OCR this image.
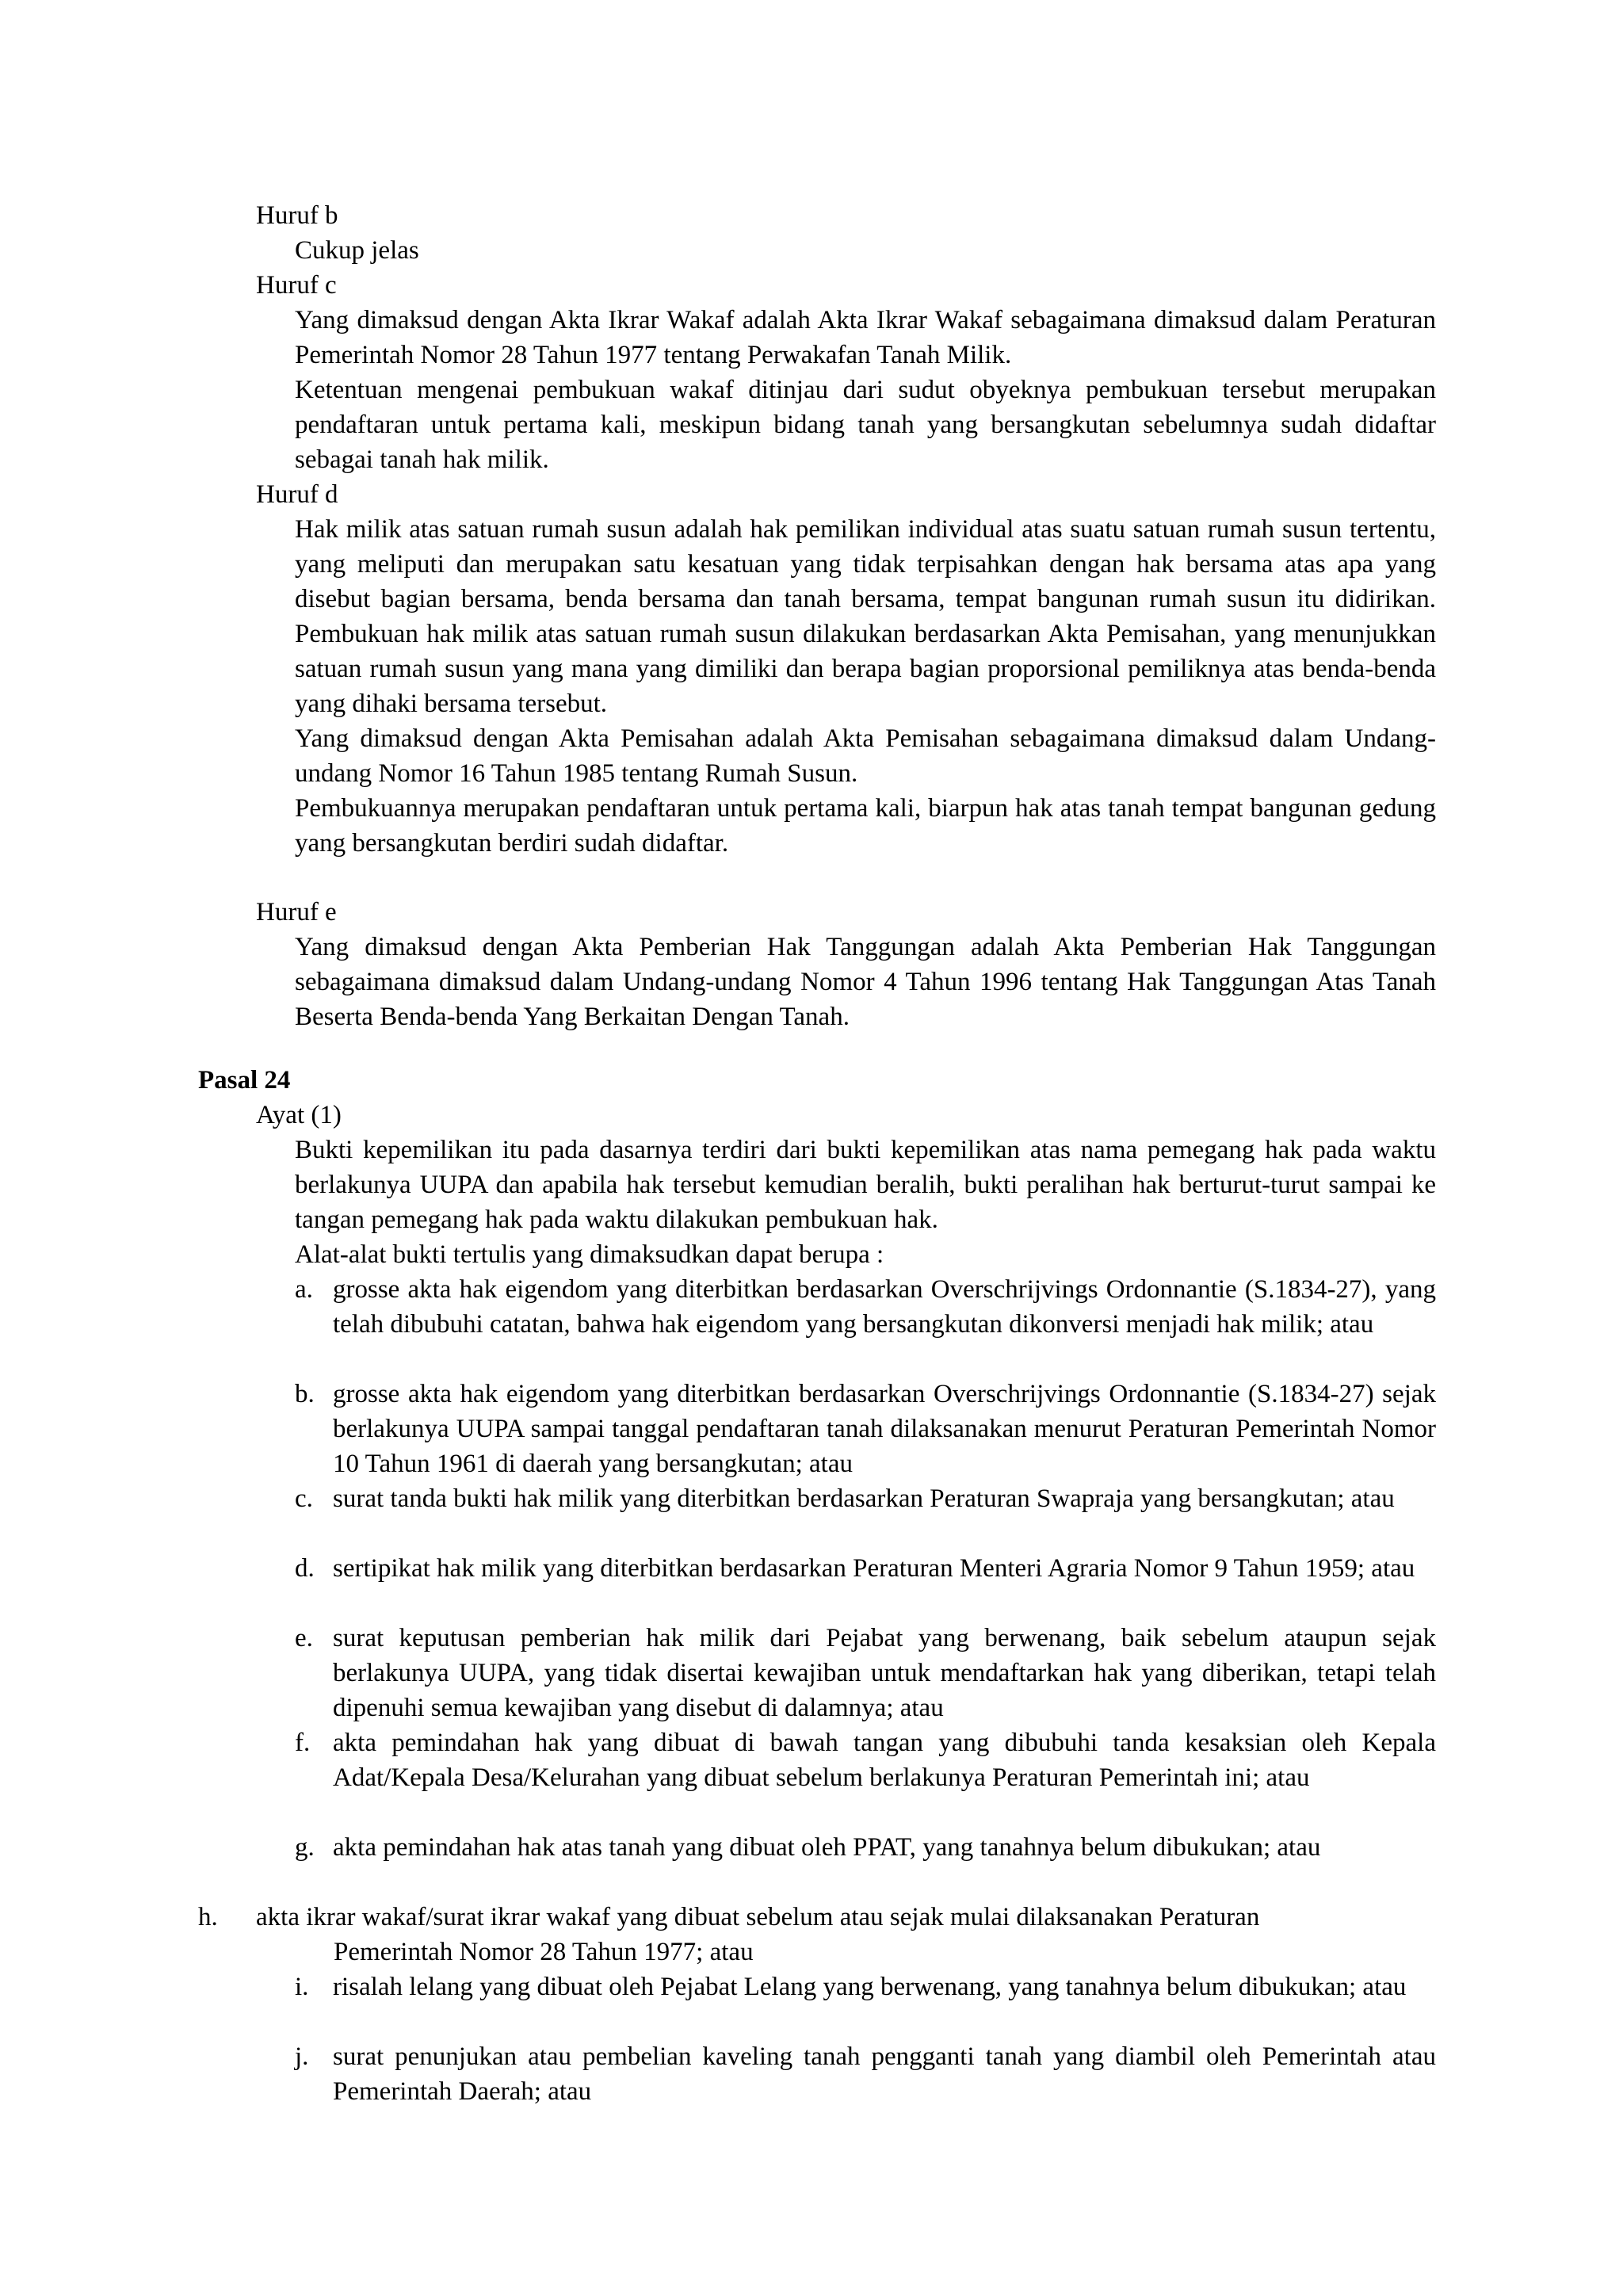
Huruf b

Cukup jelas

Huruf c

Yang dimaksud dengan Akta Ikrar Wakaf adalah Akta Ikrar Wakaf sebagaimana dimaksud dalam Peraturan Pemerintah Nomor 28 Tahun 1977 tentang Perwakafan Tanah Milik.

Ketentuan mengenai pembukuan wakaf ditinjau dari sudut obyeknya pembukuan tersebut merupakan pendaftaran untuk pertama kali, meskipun bidang tanah yang bersangkutan sebelumnya sudah didaftar sebagai tanah hak milik.

Huruf d

Hak milik atas satuan rumah susun adalah hak pemilikan individual atas suatu satuan rumah susun tertentu, yang meliputi dan merupakan satu kesatuan yang tidak terpisahkan dengan hak bersama atas apa yang disebut bagian bersama, benda bersama dan tanah bersama, tempat bangunan rumah susun itu didirikan. Pembukuan hak milik atas satuan rumah susun dilakukan berdasarkan Akta Pemisahan, yang menunjukkan satuan rumah susun yang mana yang dimiliki dan berapa bagian proporsional pemiliknya atas benda-benda yang dihaki bersama tersebut.

Yang dimaksud dengan Akta Pemisahan adalah Akta Pemisahan sebagaimana dimaksud dalam Undang-undang Nomor 16 Tahun 1985 tentang Rumah Susun.

Pembukuannya merupakan pendaftaran untuk pertama kali, biarpun hak atas tanah tempat bangunan gedung yang bersangkutan berdiri sudah didaftar.

Huruf e

Yang dimaksud dengan Akta Pemberian Hak Tanggungan adalah Akta Pemberian Hak Tanggungan sebagaimana dimaksud dalam Undang-undang Nomor 4 Tahun 1996 tentang Hak Tanggungan Atas Tanah Beserta Benda-benda Yang Berkaitan Dengan Tanah.

Pasal 24
Ayat (1)

Bukti kepemilikan itu pada dasarnya terdiri dari bukti kepemilikan atas nama pemegang hak pada waktu berlakunya UUPA dan apabila hak tersebut kemudian beralih, bukti peralihan hak berturut-turut sampai ke tangan pemegang hak pada waktu dilakukan pembukuan hak.

Alat-alat bukti tertulis yang dimaksudkan dapat berupa :

a. grosse akta hak eigendom yang diterbitkan berdasarkan Overschrijvings Ordonnantie (S.1834-27), yang telah dibubuhi catatan, bahwa hak eigendom yang bersangkutan dikonversi menjadi hak milik; atau
b. grosse akta hak eigendom yang diterbitkan berdasarkan Overschrijvings Ordonnantie (S.1834-27) sejak berlakunya UUPA sampai tanggal pendaftaran tanah dilaksanakan menurut Peraturan Pemerintah Nomor 10 Tahun 1961 di daerah yang bersangkutan; atau
c. surat tanda bukti hak milik yang diterbitkan berdasarkan Peraturan Swapraja yang bersangkutan; atau
d. sertipikat hak milik yang diterbitkan berdasarkan Peraturan Menteri Agraria Nomor 9 Tahun 1959; atau
e. surat keputusan pemberian hak milik dari Pejabat yang berwenang, baik sebelum ataupun sejak berlakunya UUPA, yang tidak disertai kewajiban untuk mendaftarkan hak yang diberikan, tetapi telah dipenuhi semua kewajiban yang disebut di dalamnya; atau
f. akta pemindahan hak yang dibuat di bawah tangan yang dibubuhi tanda kesaksian oleh Kepala Adat/Kepala Desa/Kelurahan yang dibuat sebelum berlakunya Peraturan Pemerintah ini; atau
g. akta pemindahan hak atas tanah yang dibuat oleh PPAT, yang tanahnya belum dibukukan; atau
h. akta ikrar wakaf/surat ikrar wakaf yang dibuat sebelum atau sejak mulai dilaksanakan Peraturan
Pemerintah Nomor 28 Tahun 1977; atau
i. risalah lelang yang dibuat oleh Pejabat Lelang yang berwenang, yang tanahnya belum dibukukan; atau
j. surat penunjukan atau pembelian kaveling tanah pengganti tanah yang diambil oleh Pemerintah atau Pemerintah Daerah; atau
